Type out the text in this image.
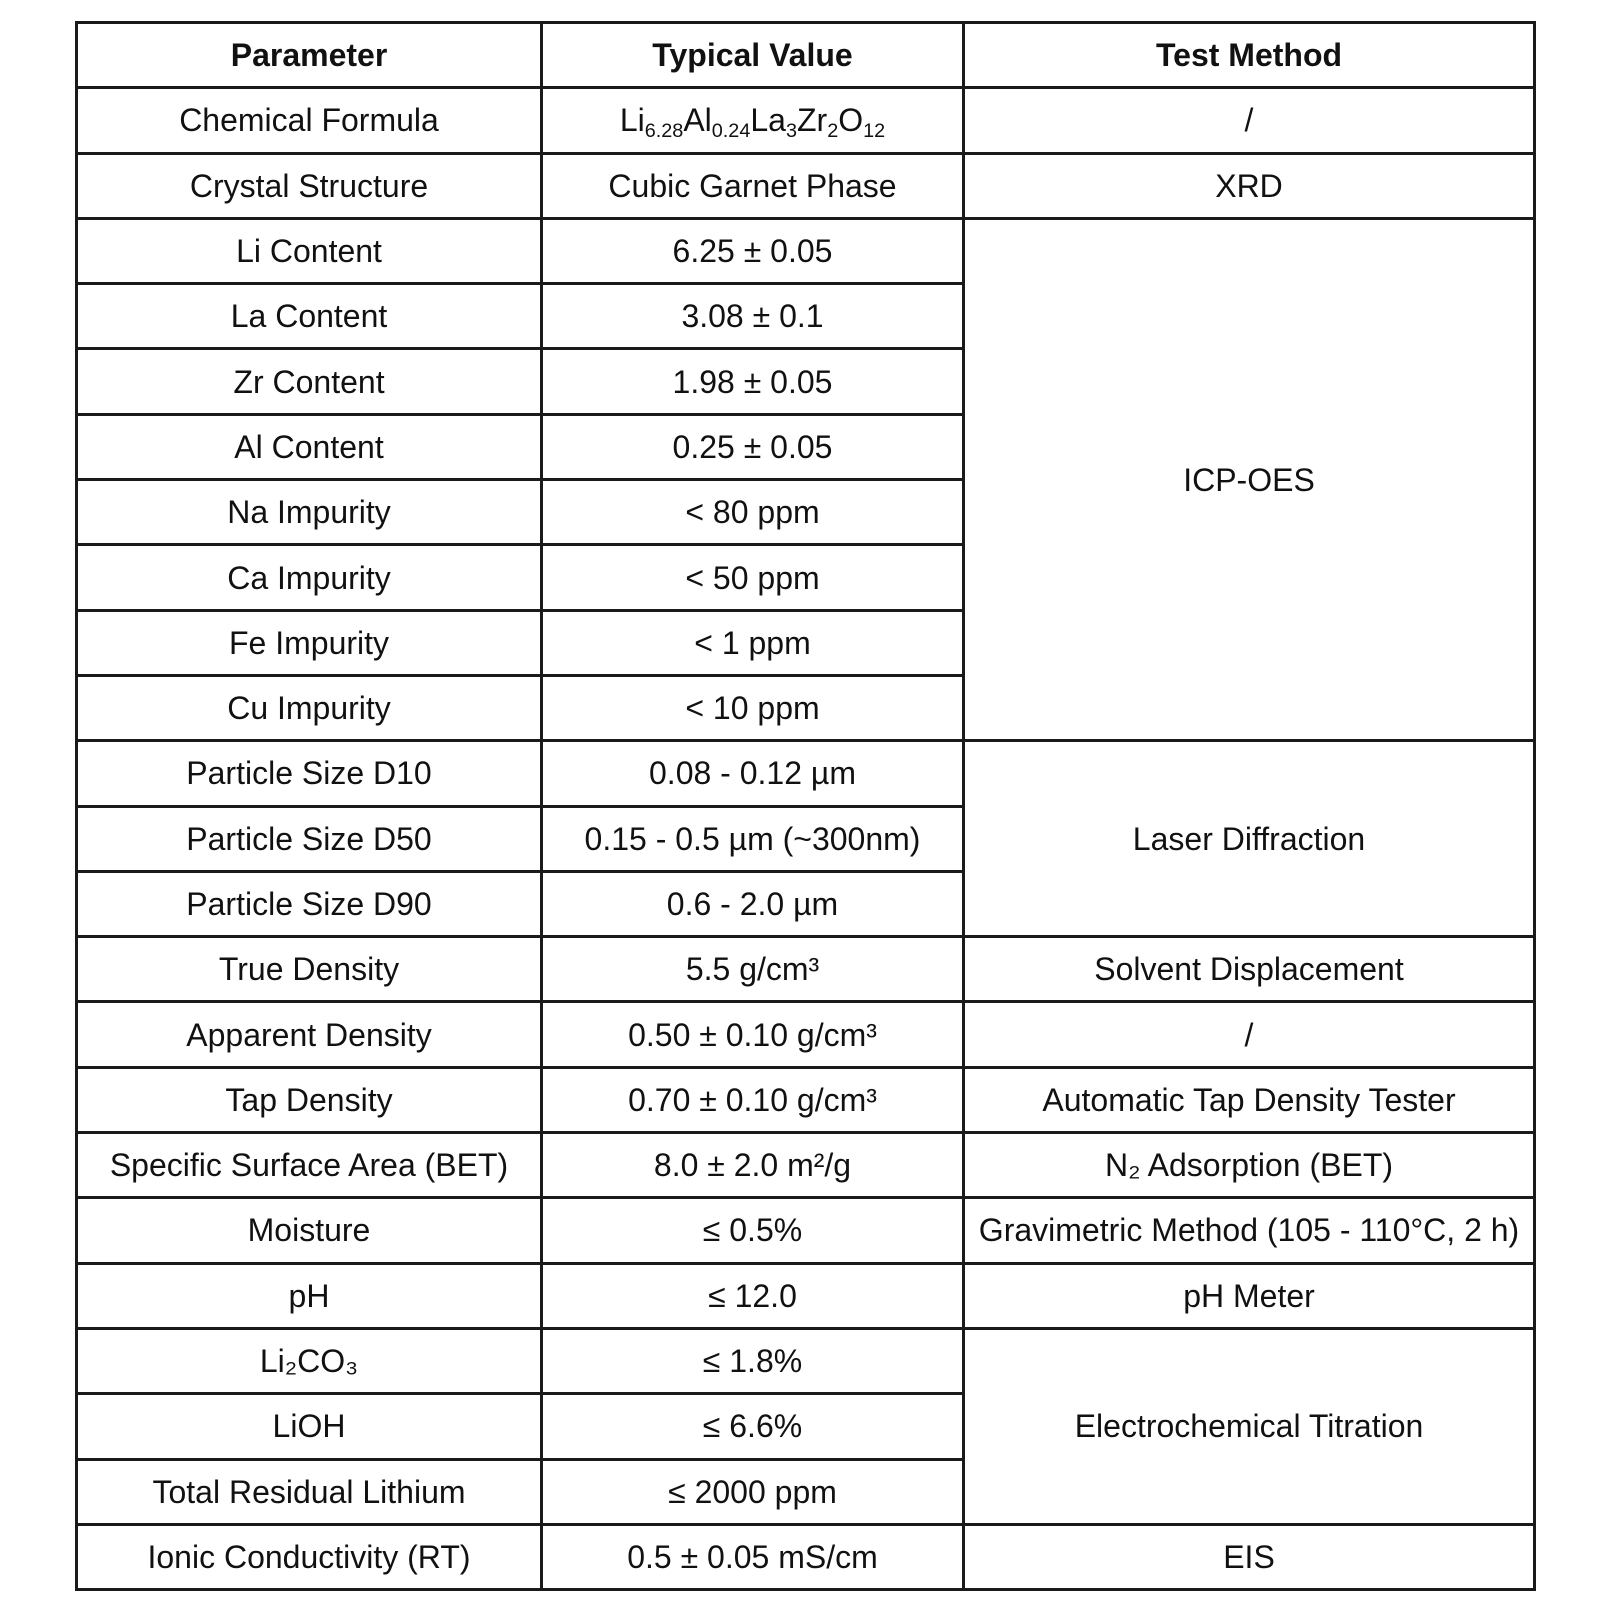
Parameter	Typical Value	Test Method
Chemical Formula	$Li_{6.28}Al_{0.24}La_3Zr_2O_{12}$	/
Crystal Structure	Cubic Garnet Phase	XRD
Li Content	6.25 ± 0.05	ICP-OES
La Content	3.08 ± 0.1	
Zr Content	1.98 ± 0.05	
Al Content	0.25 ± 0.05	
Na Impurity	< 80 ppm	
Ca Impurity	< 50 ppm	
Fe Impurity	< 1 ppm	
Cu Impurity	< 10 ppm	
Particle Size D10	0.08 - 0.12 µm	Laser Diffraction
Particle Size D50	0.15 - 0.5 µm (~300nm)	
Particle Size D90	0.6 - 2.0 µm	
True Density	5.5 g/cm³	Solvent Displacement
Apparent Density	0.50 ± 0.10 g/cm³	/
Tap Density	0.70 ± 0.10 g/cm³	Automatic Tap Density Tester
Specific Surface Area (BET)	8.0 ± 2.0 m²/g	N₂ Adsorption (BET)
Moisture	≤ 0.5%	Gravimetric Method (105 - 110°C, 2 h)
pH	≤ 12.0	pH Meter
Li₂CO₃	≤ 1.8%	Electrochemical Titration
LiOH	≤ 6.6%	
Total Residual Lithium	≤ 2000 ppm	
Ionic Conductivity (RT)	0.5 ± 0.05 mS/cm	EIS
